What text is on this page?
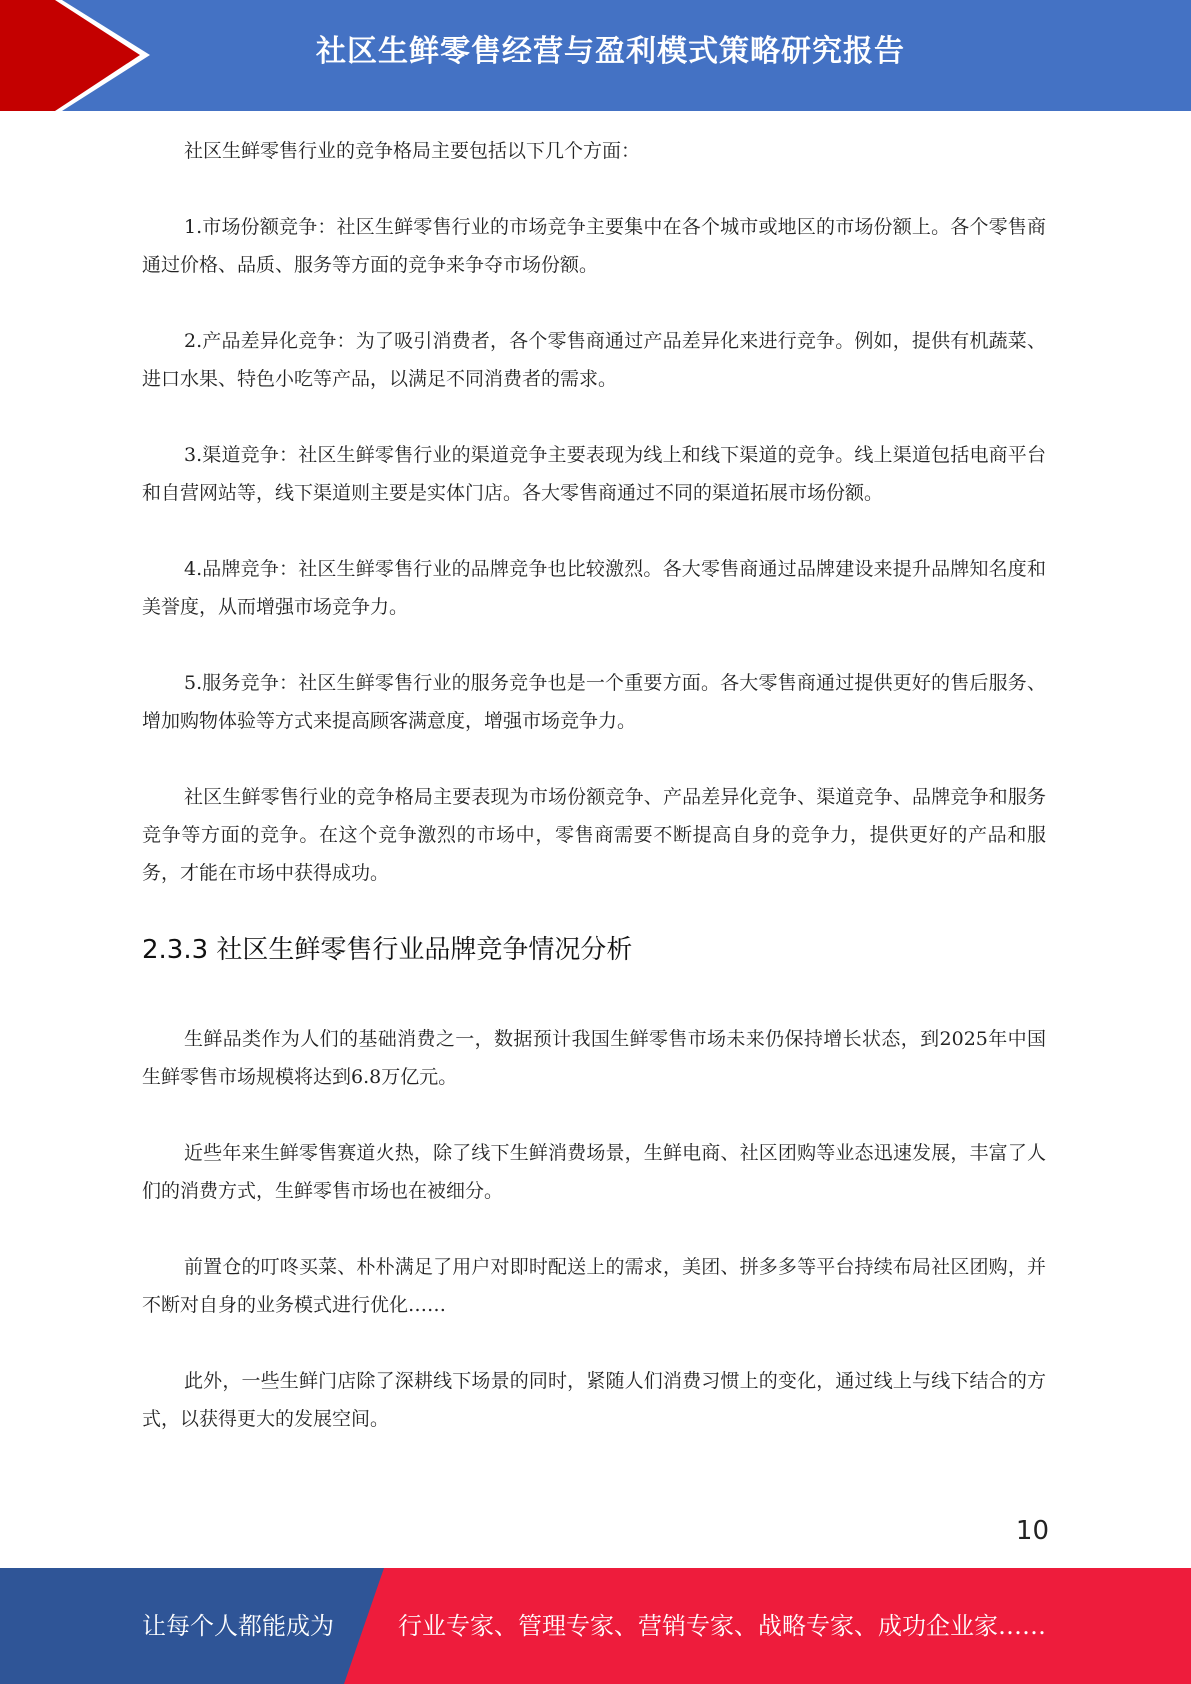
社区生鲜零售经营与盈利模式策略研究报告

社区生鲜零售行业的竞争格局主要包括以下几个方面：

1.市场份额竞争：社区生鲜零售行业的市场竞争主要集中在各个城市或地区的市场份额上。各个零售商通过价格、品质、服务等方面的竞争来争夺市场份额。

2.产品差异化竞争：为了吸引消费者，各个零售商通过产品差异化来进行竞争。例如，提供有机蔬菜、进口水果、特色小吃等产品，以满足不同消费者的需求。

3.渠道竞争：社区生鲜零售行业的渠道竞争主要表现为线上和线下渠道的竞争。线上渠道包括电商平台和自营网站等，线下渠道则主要是实体门店。各大零售商通过不同的渠道拓展市场份额。

4.品牌竞争：社区生鲜零售行业的品牌竞争也比较激烈。各大零售商通过品牌建设来提升品牌知名度和美誉度，从而增强市场竞争力。

5.服务竞争：社区生鲜零售行业的服务竞争也是一个重要方面。各大零售商通过提供更好的售后服务、增加购物体验等方式来提高顾客满意度，增强市场竞争力。

社区生鲜零售行业的竞争格局主要表现为市场份额竞争、产品差异化竞争、渠道竞争、品牌竞争和服务竞争等方面的竞争。在这个竞争激烈的市场中，零售商需要不断提高自身的竞争力，提供更好的产品和服务，才能在市场中获得成功。

2.3.3 社区生鲜零售行业品牌竞争情况分析

生鲜品类作为人们的基础消费之一，数据预计我国生鲜零售市场未来仍保持增长状态，到2025年中国生鲜零售市场规模将达到6.8万亿元。

近些年来生鲜零售赛道火热，除了线下生鲜消费场景，生鲜电商、社区团购等业态迅速发展，丰富了人们的消费方式，生鲜零售市场也在被细分。

前置仓的叮咚买菜、朴朴满足了用户对即时配送上的需求，美团、拼多多等平台持续布局社区团购，并不断对自身的业务模式进行优化……

此外，一些生鲜门店除了深耕线下场景的同时，紧随人们消费习惯上的变化，通过线上与线下结合的方式，以获得更大的发展空间。

10
让每个人都能成为	行业专家、管理专家、营销专家、战略专家、成功企业家……
